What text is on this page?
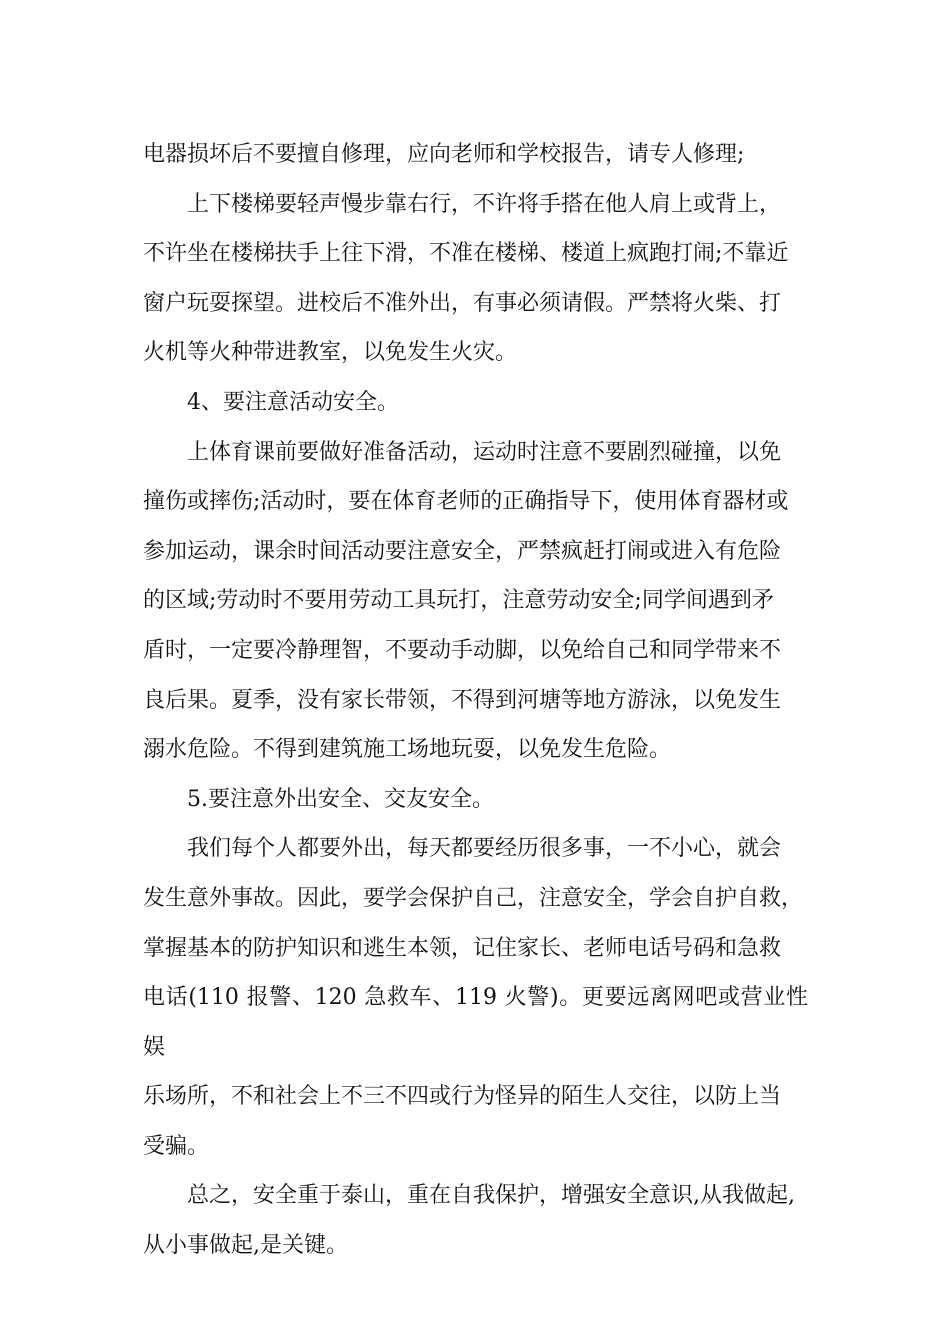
电器损坏后不要擅自修理，应向老师和学校报告，请专人修理;

上下楼梯要轻声慢步靠右行，不许将手搭在他人肩上或背上，
不许坐在楼梯扶手上往下滑，不准在楼梯、楼道上疯跑打闹;不靠近
窗户玩耍探望。进校后不准外出，有事必须请假。严禁将火柴、打
火机等火种带进教室，以免发生火灾。

4、要注意活动安全。

上体育课前要做好准备活动，运动时注意不要剧烈碰撞，以免
撞伤或摔伤;活动时，要在体育老师的正确指导下，使用体育器材或
参加运动，课余时间活动要注意安全，严禁疯赶打闹或进入有危险
的区域;劳动时不要用劳动工具玩打，注意劳动安全;同学间遇到矛
盾时，一定要冷静理智，不要动手动脚，以免给自己和同学带来不
良后果。夏季，没有家长带领，不得到河塘等地方游泳，以免发生
溺水危险。不得到建筑施工场地玩耍，以免发生危险。

5.要注意外出安全、交友安全。

我们每个人都要外出，每天都要经历很多事，一不小心，就会
发生意外事故。因此，要学会保护自己，注意安全，学会自护自救，
掌握基本的防护知识和逃生本领，记住家长、老师电话号码和急救
电话(110 报警、120 急救车、119 火警)。更要远离网吧或营业性娱
乐场所，不和社会上不三不四或行为怪异的陌生人交往，以防上当
受骗。

总之，安全重于泰山，重在自我保护，增强安全意识,从我做起,
从小事做起,是关键。
